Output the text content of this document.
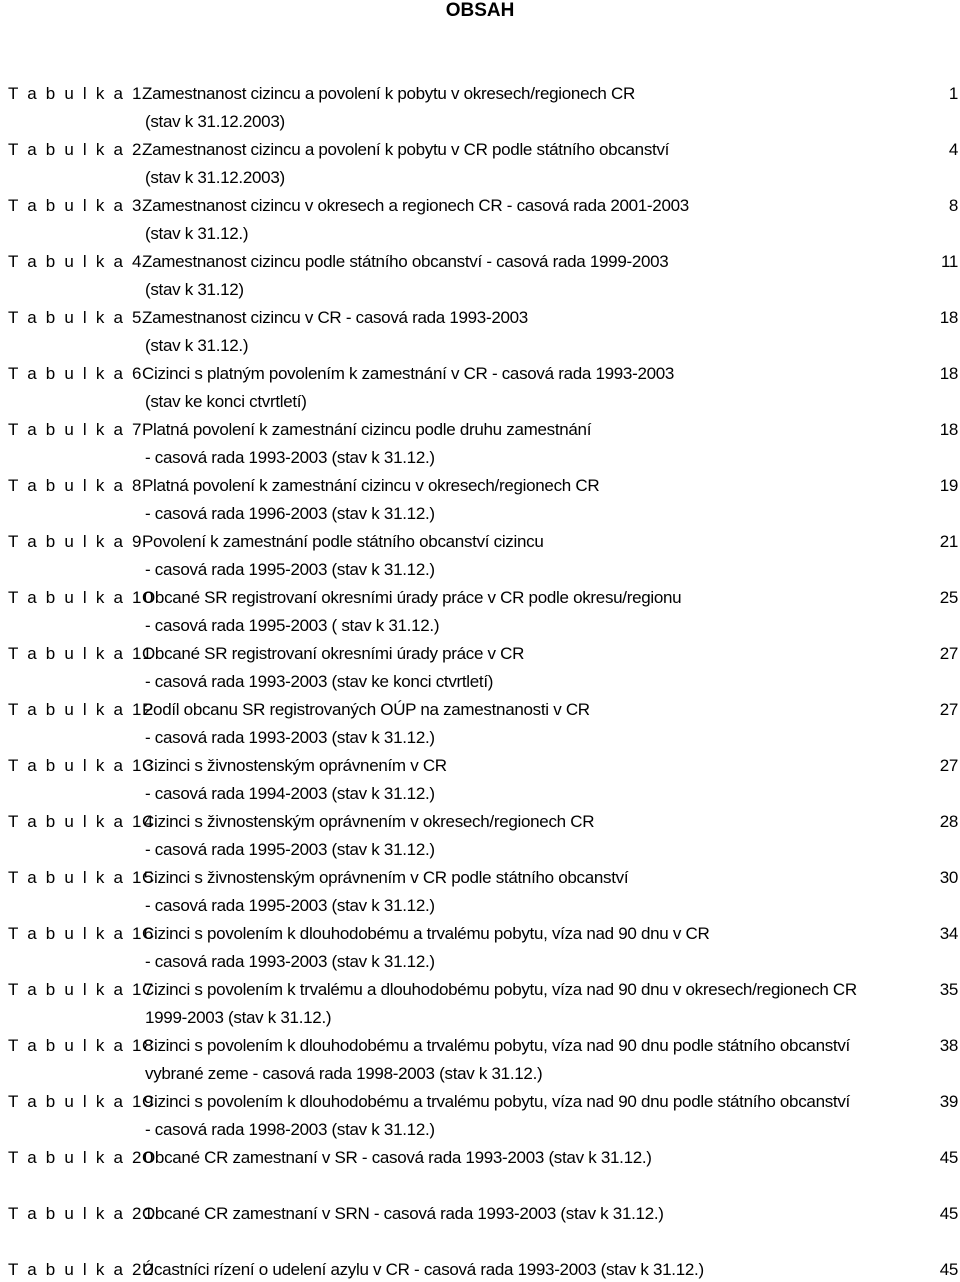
OBSAH
T a b u l k a 1
Zamestnanost cizincu a povolení k pobytu v okresech/regionech CR
(stav k 31.12.2003)
1
T a b u l k a 2
Zamestnanost cizincu a povolení k pobytu v CR podle státního obcanství
(stav k 31.12.2003)
4
T a b u l k a 3
Zamestnanost cizincu v okresech a regionech CR - casová rada 2001-2003
(stav k 31.12.)
8
T a b u l k a 4
Zamestnanost cizincu podle státního obcanství - casová rada 1999-2003
(stav k 31.12)
11
T a b u l k a 5
Zamestnanost cizincu v CR - casová rada 1993-2003
(stav k 31.12.)
18
T a b u l k a 6
Cizinci s platným povolením k zamestnání v CR - casová rada 1993-2003
(stav ke konci ctvrtletí)
18
T a b u l k a 7
Platná povolení k zamestnání cizincu podle druhu zamestnání
- casová rada 1993-2003 (stav k 31.12.)
18
T a b u l k a 8
Platná povolení k zamestnání cizincu v okresech/regionech CR
- casová rada 1996-2003 (stav k 31.12.)
19
T a b u l k a 9
Povolení k zamestnání podle státního obcanství cizincu
- casová rada 1995-2003 (stav k 31.12.)
21
T a b u l k a 10
Obcané SR registrovaní okresními úrady práce v CR podle okresu/regionu
- casová rada 1995-2003 ( stav k 31.12.)
25
T a b u l k a 11
Obcané SR registrovaní okresními úrady práce v CR
- casová rada 1993-2003 (stav ke konci ctvrtletí)
27
T a b u l k a 12
Podíl obcanu SR registrovaných OÚP na zamestnanosti v CR
- casová rada 1993-2003 (stav k 31.12.)
27
T a b u l k a 13
Cizinci s živnostenským oprávnením v CR
- casová rada 1994-2003 (stav k 31.12.)
27
T a b u l k a 14
Cizinci s živnostenským oprávnením v okresech/regionech CR
- casová rada 1995-2003 (stav k 31.12.)
28
T a b u l k a 15
Cizinci s živnostenským oprávnením v CR podle státního obcanství
- casová rada 1995-2003 (stav k 31.12.)
30
T a b u l k a 16
Cizinci s povolením k dlouhodobému a trvalému pobytu, víza nad 90 dnu v CR
- casová rada 1993-2003 (stav k 31.12.)
34
T a b u l k a 17
Cizinci s povolením k trvalému a dlouhodobému pobytu, víza nad 90 dnu v okresech/regionech CR
1999-2003 (stav k 31.12.)
35
T a b u l k a 18
Cizinci s povolením k dlouhodobému a trvalému pobytu, víza nad 90 dnu podle státního obcanství
vybrané zeme - casová rada 1998-2003 (stav k 31.12.)
38
T a b u l k a 19
Cizinci s povolením k dlouhodobému a trvalému pobytu, víza nad 90 dnu podle státního obcanství
- casová rada 1998-2003 (stav k 31.12.)
39
T a b u l k a 20
Obcané CR zamestnaní v SR - casová rada 1993-2003 (stav k 31.12.)	45
T a b u l k a 21
Obcané CR zamestnaní v SRN - casová rada 1993-2003 (stav k 31.12.)	45
T a b u l k a 22
Úcastníci rízení o udelení azylu v CR - casová rada 1993-2003 (stav k 31.12.)	45
